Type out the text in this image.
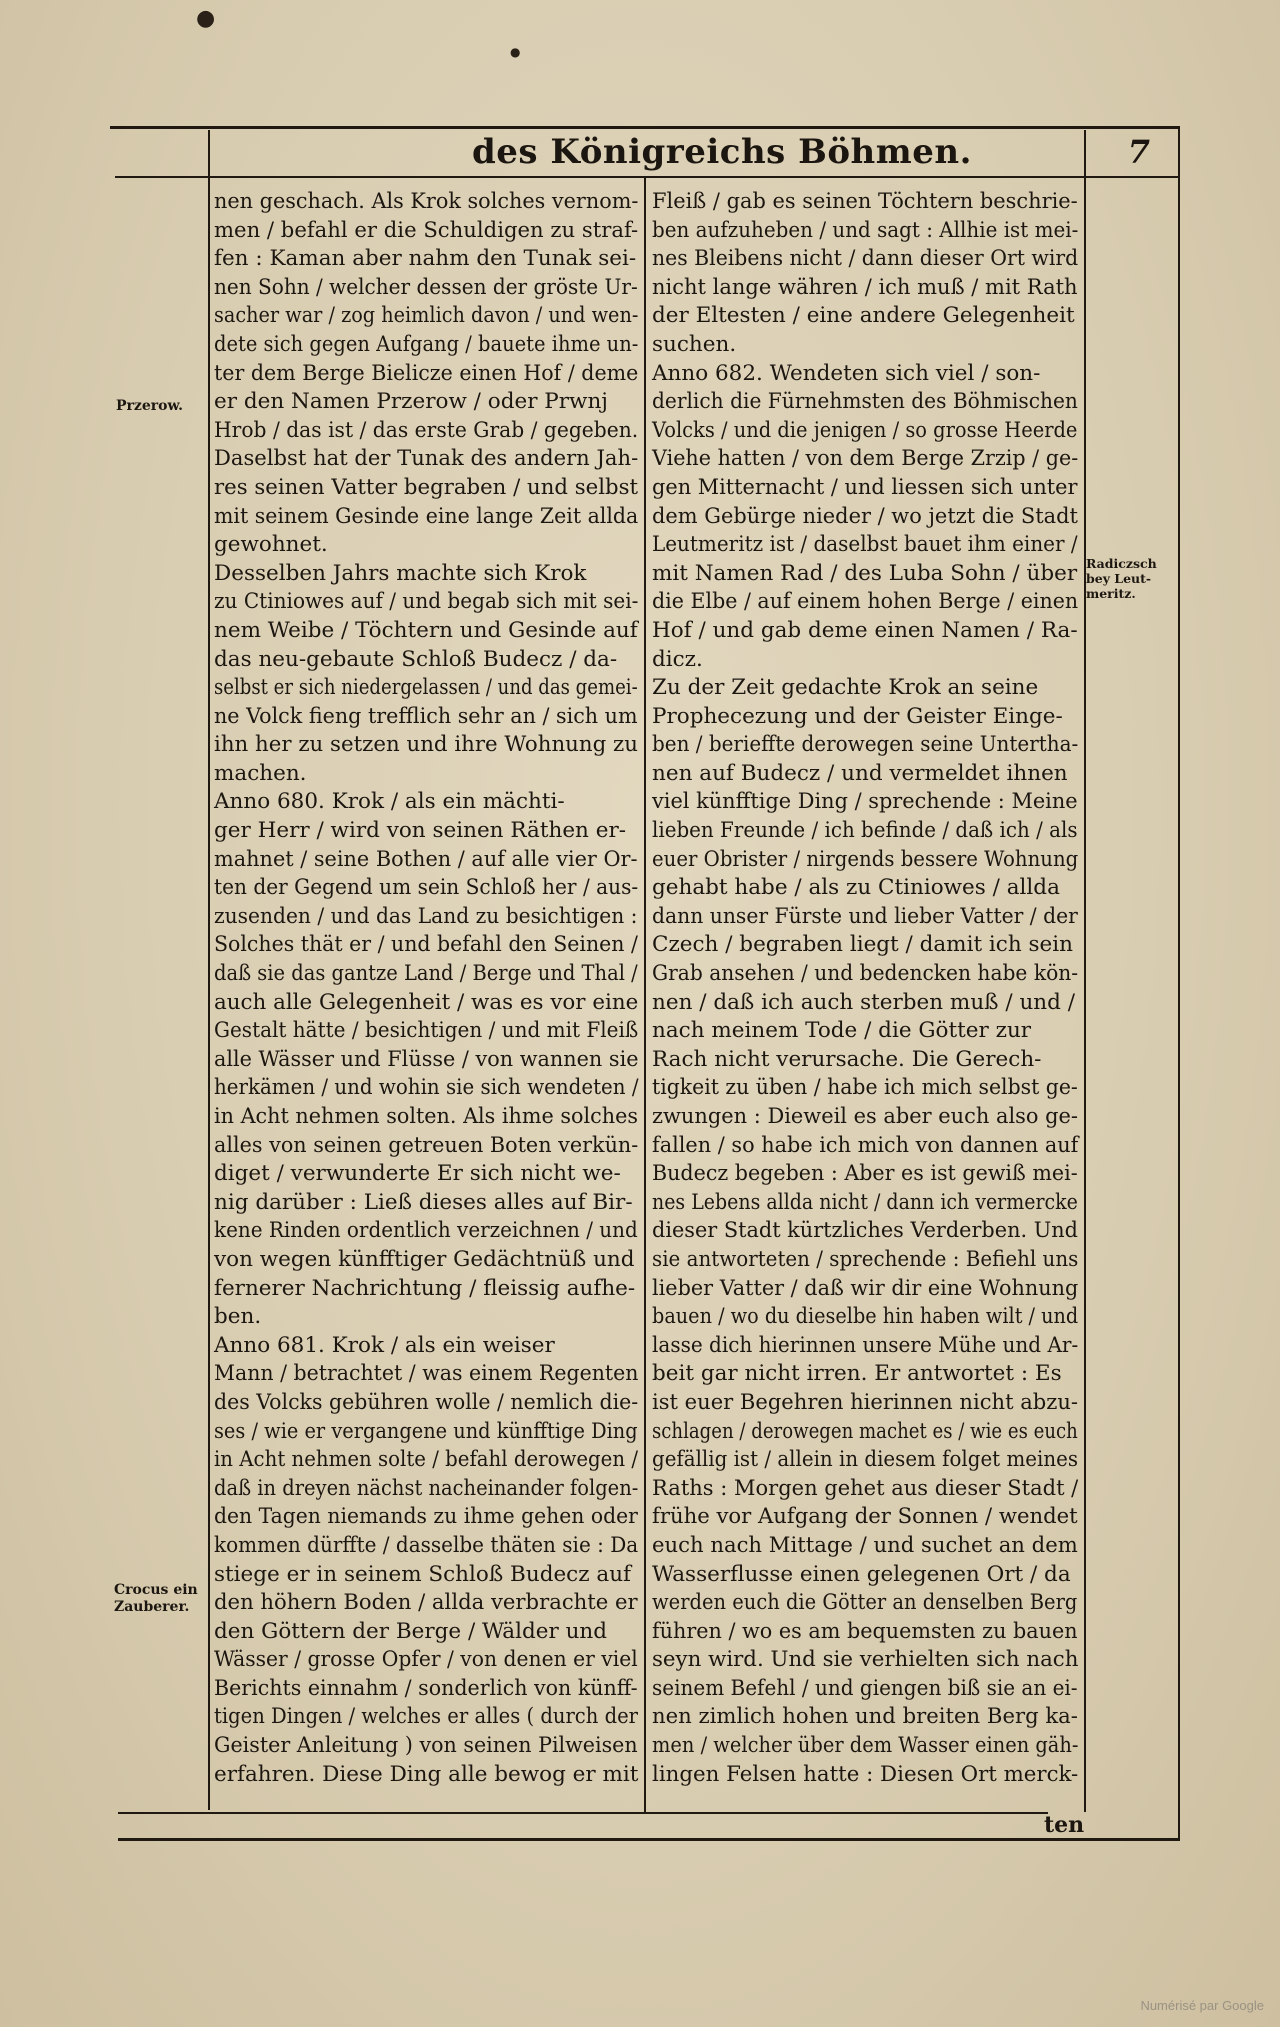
●
●
des Königreichs Böhmen.	7
Przerow.
Crocus ein
Zauberer.
Radiczsch
bey Leut-
meritz.

nen geschach. Als Krok solches vernom-

men / befahl er die Schuldigen zu straf-

fen : Kaman aber nahm den Tunak sei-

nen Sohn / welcher dessen der gröste Ur-

sacher war / zog heimlich davon / und wen-

dete sich gegen Aufgang / bauete ihme un-

ter dem Berge Bielicze einen Hof / deme

er den Namen Przerow / oder Prwnj

Hrob / das ist / das erste Grab / gegeben.

Daselbst hat der Tunak des andern Jah-

res seinen Vatter begraben / und selbst

mit seinem Gesinde eine lange Zeit allda

gewohnet.

Desselben Jahrs machte sich Krok

zu Ctiniowes auf / und begab sich mit sei-

nem Weibe / Töchtern und Gesinde auf

das neu-gebaute Schloß Budecz / da-

selbst er sich niedergelassen / und das gemei-

ne Volck fieng trefflich sehr an / sich um

ihn her zu setzen und ihre Wohnung zu

machen.

Anno 680. Krok / als ein mächti-

ger Herr / wird von seinen Räthen er-

mahnet / seine Bothen / auf alle vier Or-

ten der Gegend um sein Schloß her / aus-

zusenden / und das Land zu besichtigen :

Solches thät er / und befahl den Seinen /

daß sie das gantze Land / Berge und Thal /

auch alle Gelegenheit / was es vor eine

Gestalt hätte / besichtigen / und mit Fleiß

alle Wässer und Flüsse / von wannen sie

herkämen / und wohin sie sich wendeten /

in Acht nehmen solten. Als ihme solches

alles von seinen getreuen Boten verkün-

diget / verwunderte Er sich nicht we-

nig darüber : Ließ dieses alles auf Bir-

kene Rinden ordentlich verzeichnen / und

von wegen künfftiger Gedächtnüß und

fernerer Nachrichtung / fleissig aufhe-

ben.

Anno 681. Krok / als ein weiser

Mann / betrachtet / was einem Regenten

des Volcks gebühren wolle / nemlich die-

ses / wie er vergangene und künfftige Ding

in Acht nehmen solte / befahl derowegen /

daß in dreyen nächst nacheinander folgen-

den Tagen niemands zu ihme gehen oder

kommen dürffte / dasselbe thäten sie : Da

stiege er in seinem Schloß Budecz auf

den höhern Boden / allda verbrachte er

den Göttern der Berge / Wälder und

Wässer / grosse Opfer / von denen er viel

Berichts einnahm / sonderlich von künff-

tigen Dingen / welches er alles ( durch der

Geister Anleitung ) von seinen Pilweisen

erfahren. Diese Ding alle bewog er mit

Fleiß / gab es seinen Töchtern beschrie-

ben aufzuheben / und sagt : Allhie ist mei-

nes Bleibens nicht / dann dieser Ort wird

nicht lange währen / ich muß / mit Rath

der Eltesten / eine andere Gelegenheit

suchen.

Anno 682. Wendeten sich viel / son-

derlich die Fürnehmsten des Böhmischen

Volcks / und die jenigen / so grosse Heerde

Viehe hatten / von dem Berge Zrzip / ge-

gen Mitternacht / und liessen sich unter

dem Gebürge nieder / wo jetzt die Stadt

Leutmeritz ist / daselbst bauet ihm einer /

mit Namen Rad / des Luba Sohn / über

die Elbe / auf einem hohen Berge / einen

Hof / und gab deme einen Namen / Ra-

dicz.

Zu der Zeit gedachte Krok an seine

Prophecezung und der Geister Einge-

ben / berieffte derowegen seine Untertha-

nen auf Budecz / und vermeldet ihnen

viel künfftige Ding / sprechende : Meine

lieben Freunde / ich befinde / daß ich / als

euer Obrister / nirgends bessere Wohnung

gehabt habe / als zu Ctiniowes / allda

dann unser Fürste und lieber Vatter / der

Czech / begraben liegt / damit ich sein

Grab ansehen / und bedencken habe kön-

nen / daß ich auch sterben muß / und /

nach meinem Tode / die Götter zur

Rach nicht verursache. Die Gerech-

tigkeit zu üben / habe ich mich selbst ge-

zwungen : Dieweil es aber euch also ge-

fallen / so habe ich mich von dannen auf

Budecz begeben : Aber es ist gewiß mei-

nes Lebens allda nicht / dann ich vermercke

dieser Stadt kürtzliches Verderben. Und

sie antworteten / sprechende : Befiehl uns

lieber Vatter / daß wir dir eine Wohnung

bauen / wo du dieselbe hin haben wilt / und

lasse dich hierinnen unsere Mühe und Ar-

beit gar nicht irren. Er antwortet : Es

ist euer Begehren hierinnen nicht abzu-

schlagen / derowegen machet es / wie es euch

gefällig ist / allein in diesem folget meines

Raths : Morgen gehet aus dieser Stadt /

frühe vor Aufgang der Sonnen / wendet

euch nach Mittage / und suchet an dem

Wasserflusse einen gelegenen Ort / da

werden euch die Götter an denselben Berg

führen / wo es am bequemsten zu bauen

seyn wird. Und sie verhielten sich nach

seinem Befehl / und giengen biß sie an ei-

nen zimlich hohen und breiten Berg ka-

men / welcher über dem Wasser einen gäh-

lingen Felsen hatte : Diesen Ort merck-

ten
Numérisé par Google
